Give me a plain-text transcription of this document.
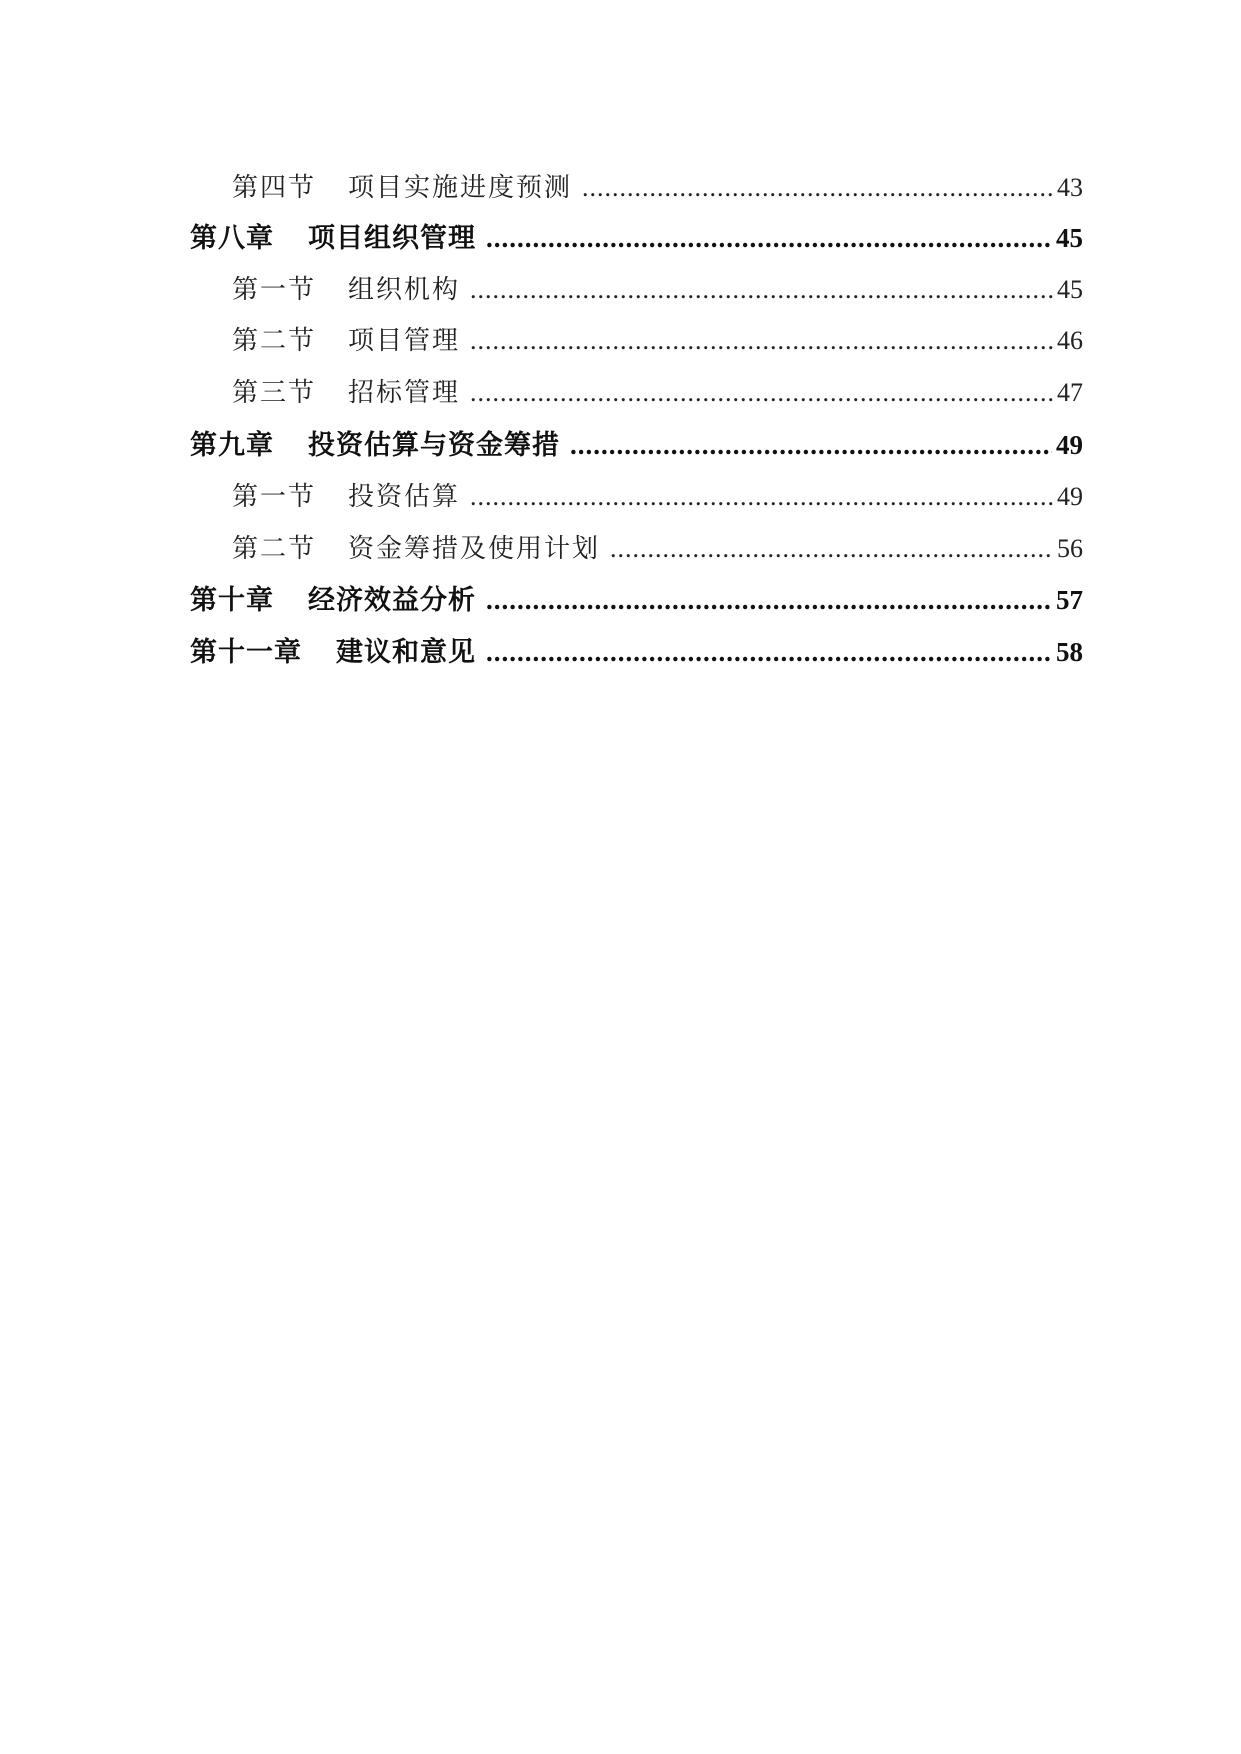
第四节 项目实施进度预测 .....	43
第八章 项目组织管理 .....	45
第一节 组织机构 .....	45
第二节 项目管理 .....	46
第三节 招标管理 .....	47
第九章 投资估算与资金筹措 .....	49
第一节 投资估算 .....	49
第二节 资金筹措及使用计划 .....	56
第十章 经济效益分析 .....	57
第十一章 建议和意见 .....	58
